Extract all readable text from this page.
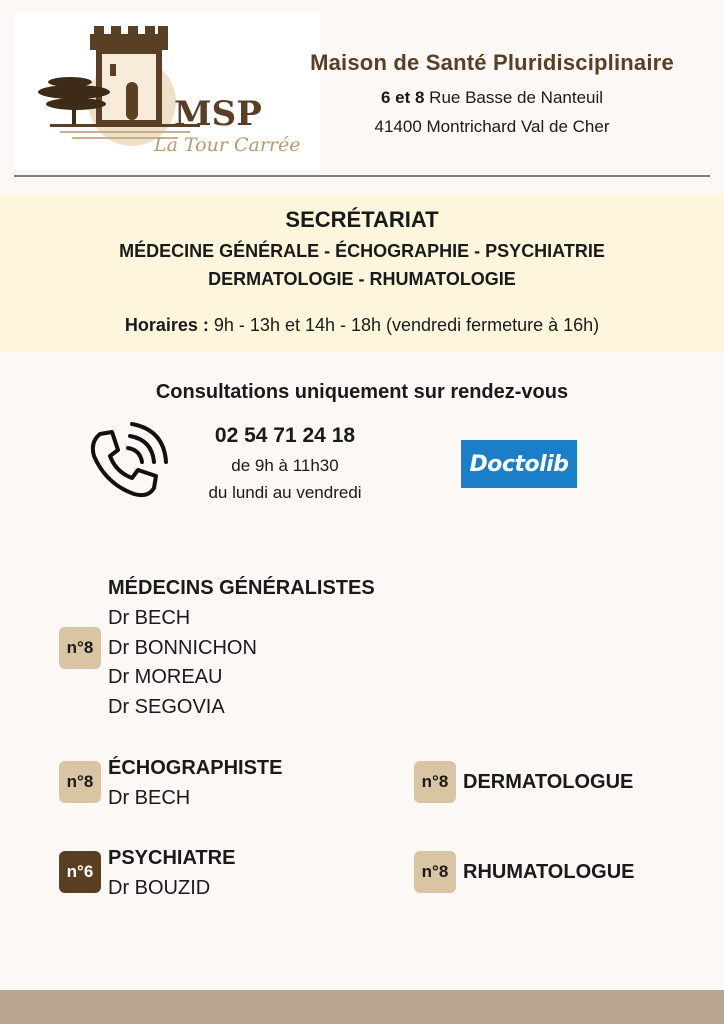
MSP
La Tour Carrée
Maison de Santé Pluridisciplinaire
6 et 8 Rue Basse de Nanteuil
41400 Montrichard Val de Cher
SECRÉTARIAT
MÉDECINE GÉNÉRALE - ÉCHOGRAPHIE - PSYCHIATRIE
DERMATOLOGIE - RHUMATOLOGIE
Horaires : 9h - 13h et 14h - 18h (vendredi fermeture à 16h)
Consultations uniquement sur rendez-vous
02 54 71 24 18
de 9h à 11h30
du lundi au vendredi
Doctolib
n°8
MÉDECINS GÉNÉRALISTES
Dr BECH
Dr BONNICHON
Dr MOREAU
Dr SEGOVIA
n°8
ÉCHOGRAPHISTE
Dr BECH
n°6
PSYCHIATRE
Dr BOUZID
n°8 DERMATOLOGUE
n°8 RHUMATOLOGUE
